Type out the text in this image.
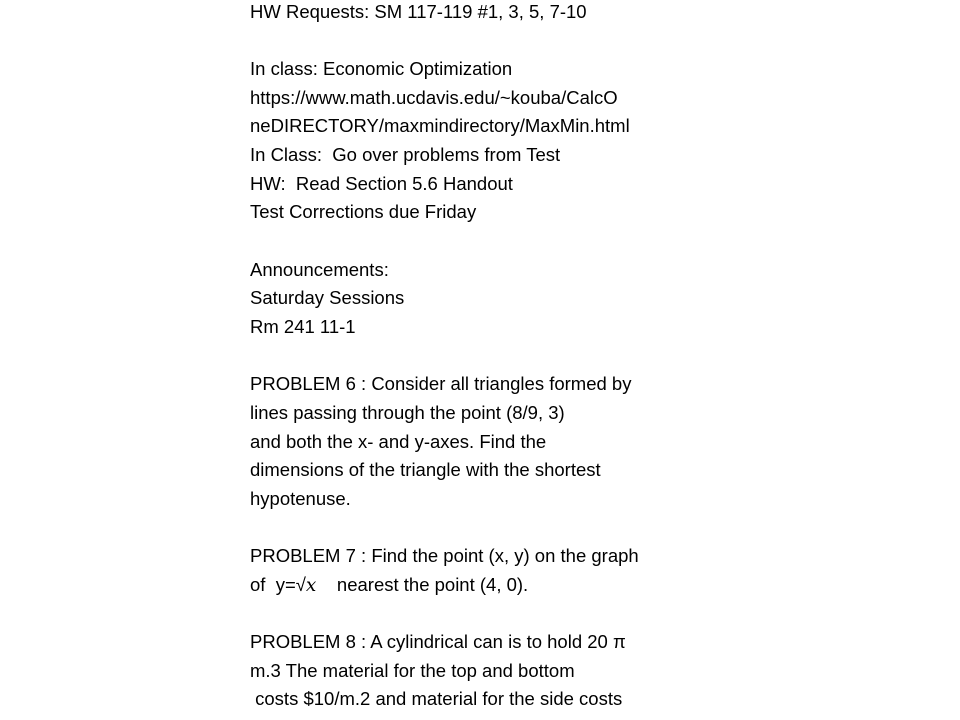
HW Requests: SM 117-119 #1, 3, 5, 7-10
In class: Economic Optimization
https://www.math.ucdavis.edu/~kouba/CalcO
neDIRECTORY/maxmindirectory/MaxMin.html
In Class:  Go over problems from Test
HW:  Read Section 5.6 Handout
Test Corrections due Friday
Announcements:
Saturday Sessions
Rm 241 11-1
PROBLEM 6 : Consider all triangles formed by
lines passing through the point (8/9, 3)
and both the x- and y-axes. Find the
dimensions of the triangle with the shortest
hypotenuse.
PROBLEM 7 : Find the point (x, y) on the graph
of  y=√x    nearest the point (4, 0).
PROBLEM 8 : A cylindrical can is to hold 20 π
m.3 The material for the top and bottom
costs $10/m.2 and material for the side costs
